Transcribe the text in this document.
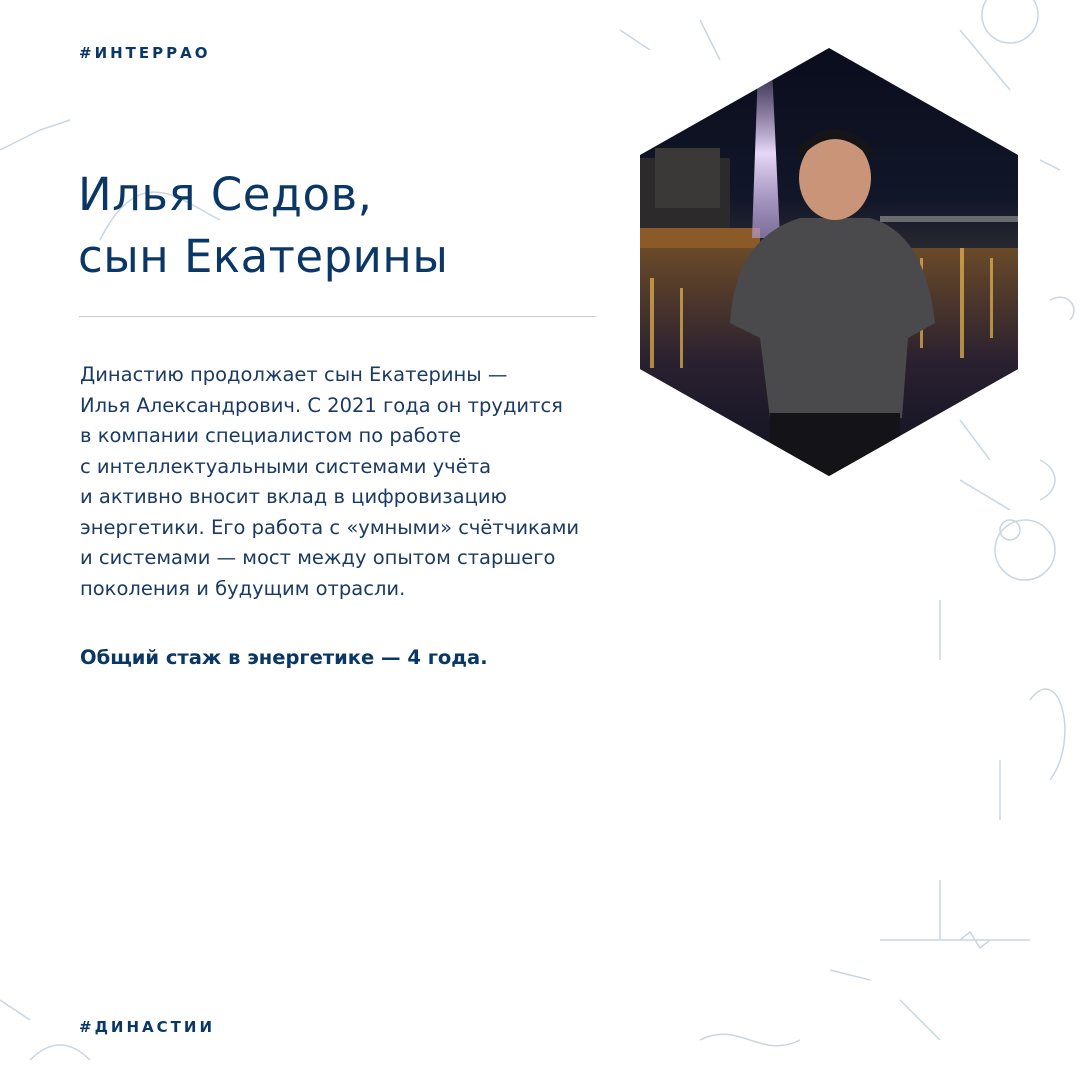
#ИНТЕРРАО
Илья Седов,
сын Екатерины

Династию продолжает сын Екатерины —
Илья Александрович. С 2021 года он трудится
в компании специалистом по работе
с интеллектуальными системами учёта
и активно вносит вклад в цифровизацию
энергетики. Его работа с «умными» счётчиками
и системами — мост между опытом старшего
поколения и будущим отрасли.

Общий стаж в энергетике — 4 года.

#ДИНАСТИИ
